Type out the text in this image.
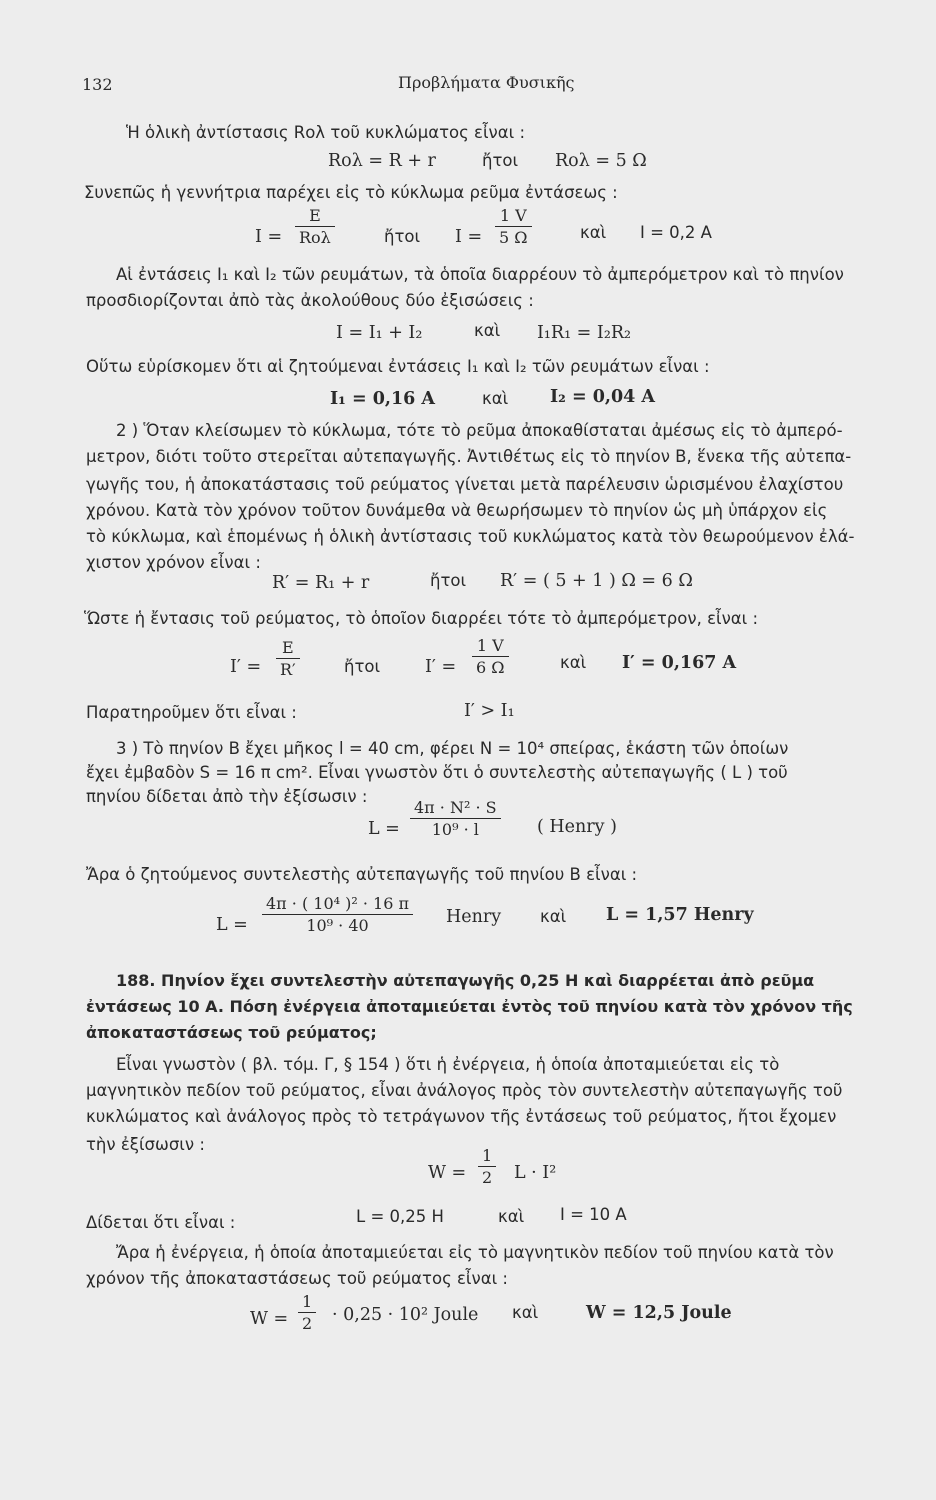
132	Προβλήματα Φυσικῆς
Ἡ ὁλικὴ ἀντίστασις Rολ τοῦ κυκλώματος εἶναι :
Rολ = R + r	ἤτοι Rολ = 5 Ω
Συνεπῶς ἡ γεννήτρια παρέχει εἰς τὸ κύκλωμα ρεῦμα ἐντάσεως :
I =
E
Rολ	ἤτοι I =
1 V
5 Ω	καὶ I = 0,2 A
Αἱ ἐντάσεις I₁ καὶ I₂ τῶν ρευμάτων, τὰ ὁποῖα διαρρέουν τὸ ἀμπερόμετρον καὶ τὸ πηνίον
προσδιορίζονται ἀπὸ τὰς ἀκολούθους δύο ἐξισώσεις :
I = I₁ + I₂	καὶ I₁R₁ = I₂R₂
Οὕτω εὑρίσκομεν ὅτι αἱ ζητούμεναι ἐντάσεις I₁ καὶ I₂ τῶν ρευμάτων εἶναι :
I₁ = 0,16 A	καὶ I₂ = 0,04 A
2 ) Ὅταν κλείσωμεν τὸ κύκλωμα, τότε τὸ ρεῦμα ἀποκαθίσταται ἀμέσως εἰς τὸ ἀμπερό-
μετρον, διότι τοῦτο στερεῖται αὐτεπαγωγῆς. Ἀντιθέτως εἰς τὸ πηνίον B, ἕνεκα τῆς αὐτεπα-
γωγῆς του, ἡ ἀποκατάστασις τοῦ ρεύματος γίνεται μετὰ παρέλευσιν ὡρισμένου ἐλαχίστου
χρόνου. Κατὰ τὸν χρόνον τοῦτον δυνάμεθα νὰ θεωρήσωμεν τὸ πηνίον ὡς μὴ ὑπάρχον εἰς
τὸ κύκλωμα, καὶ ἑπομένως ἡ ὁλικὴ ἀντίστασις τοῦ κυκλώματος κατὰ τὸν θεωρούμενον ἐλά-
χιστον χρόνον εἶναι :
R′ = R₁ + r	ἤτοι R′ = ( 5 + 1 ) Ω = 6 Ω
Ὥστε ἡ ἔντασις τοῦ ρεύματος, τὸ ὁποῖον διαρρέει τότε τὸ ἀμπερόμετρον, εἶναι :
I′ =
E
R′	ἤτοι	I′ =
1 V
6 Ω	καὶ I′ = 0,167 A
Παρατηροῦμεν ὅτι εἶναι :	I′ > I₁
3 ) Τὸ πηνίον B ἔχει μῆκος l = 40 cm, φέρει N = 10⁴ σπείρας, ἑκάστη τῶν ὁποίων
ἔχει ἐμβαδὸν S = 16 π cm². Εἶναι γνωστὸν ὅτι ὁ συντελεστὴς αὐτεπαγωγῆς ( L ) τοῦ
πηνίου δίδεται ἀπὸ τὴν ἐξίσωσιν :
L =
4π · N² · S
10⁹ · l	( Henry )
Ἄρα ὁ ζητούμενος συντελεστὴς αὐτεπαγωγῆς τοῦ πηνίου B εἶναι :
L =
4π · ( 10⁴ )² · 16 π
10⁹ · 40	Henry καὶ L = 1,57 Henry
188. Πηνίον ἔχει συντελεστὴν αὐτεπαγωγῆς 0,25 H καὶ διαρρέεται ἀπὸ ρεῦμα
ἐντάσεως 10 A. Πόση ἐνέργεια ἀποταμιεύεται ἐντὸς τοῦ πηνίου κατὰ τὸν χρόνον τῆς
ἀποκαταστάσεως τοῦ ρεύματος;
Εἶναι γνωστὸν ( βλ. τόμ. Γ, § 154 ) ὅτι ἡ ἐνέργεια, ἡ ὁποία ἀποταμιεύεται εἰς τὸ
μαγνητικὸν πεδίον τοῦ ρεύματος, εἶναι ἀνάλογος πρὸς τὸν συντελεστὴν αὐτεπαγωγῆς τοῦ
κυκλώματος καὶ ἀνάλογος πρὸς τὸ τετράγωνον τῆς ἐντάσεως τοῦ ρεύματος, ἤτοι ἔχομεν
τὴν ἐξίσωσιν :
W =
1
2 L · I²
Δίδεται ὅτι εἶναι :	L = 0,25 H	καὶ I = 10 A
Ἄρα ἡ ἐνέργεια, ἡ ὁποία ἀποταμιεύεται εἰς τὸ μαγνητικὸν πεδίον τοῦ πηνίου κατὰ τὸν
χρόνον τῆς ἀποκαταστάσεως τοῦ ρεύματος εἶναι :
W =
1
2 · 0,25 · 10² Joule καὶ	W = 12,5 Joule
